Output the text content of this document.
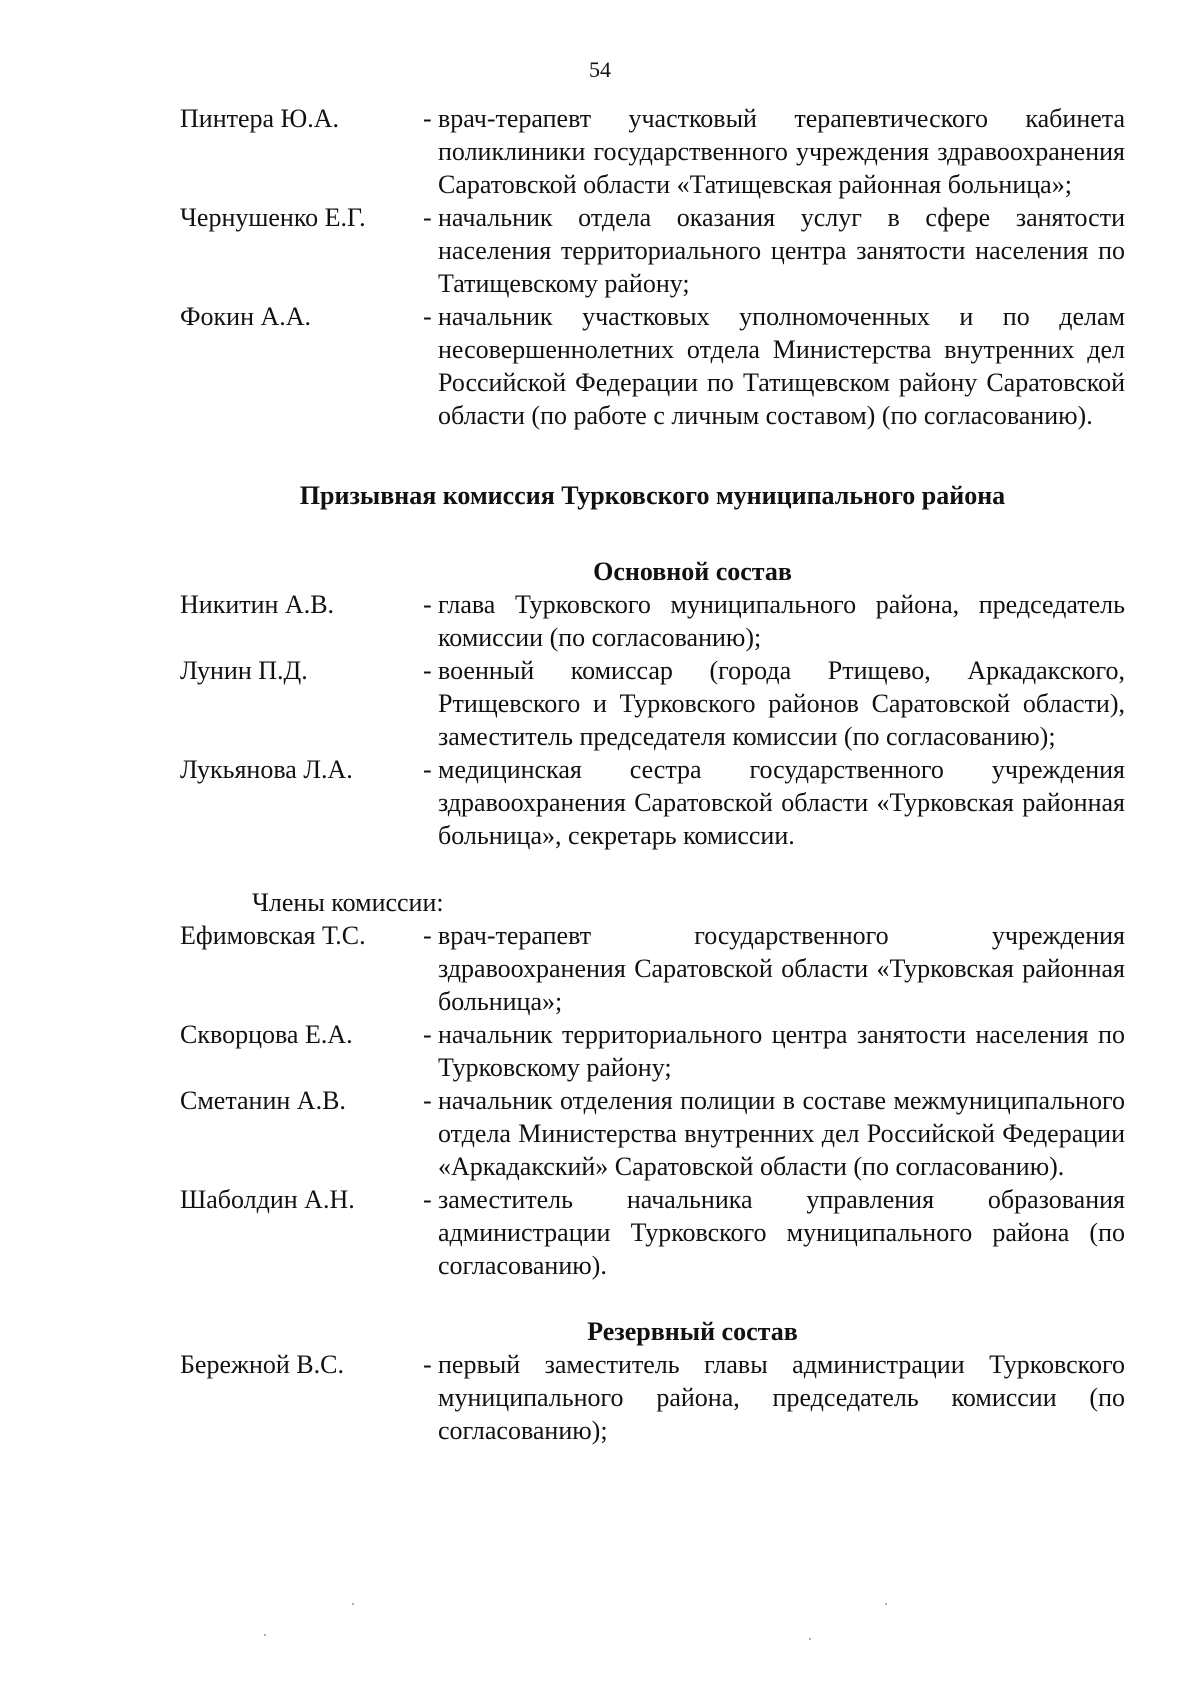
54
Пинтера Ю.А.	- врач-терапевт участковый терапевтического кабинета поликлиники государственного учреждения здравоохранения Саратовской области «Татищевская районная больница»;
Чернушенко Е.Г.	- начальник отдела оказания услуг в сфере занятости населения территориального центра занятости населения по Татищевскому району;
Фокин А.А.	- начальник участковых уполномоченных и по делам несовершеннолетних отдела Министерства внутренних дел Российской Федерации по Татищевском району Саратовской области (по работе с личным составом) (по согласованию).
Призывная комиссия Турковского муниципального района
Основной состав
Никитин А.В.	- глава Турковского муниципального района, председатель комиссии (по согласованию);
Лунин П.Д.	- военный комиссар (города Ртищево, Аркадакского, Ртищевского и Турковского районов Саратовской области), заместитель председателя комиссии (по согласованию);
Лукьянова Л.А.	- медицинская сестра государственного учреждения здравоохранения Саратовской области «Турковская районная больница», секретарь комиссии.
Члены комиссии:
Ефимовская Т.С.	- врач-терапевт государственного учреждения здравоохранения Саратовской области «Турковская районная больница»;
Скворцова Е.А.	- начальник территориального центра занятости населения по Турковскому району;
Сметанин А.В.	- начальник отделения полиции в составе межмуниципального отдела Министерства внутренних дел Российской Федерации «Аркадакский» Саратовской области (по согласованию).
Шаболдин А.Н.	- заместитель начальника управления образования администрации Турковского муниципального района (по согласованию).
Резервный состав
Бережной В.С.	- первый заместитель главы администрации Турковского муниципального района, председатель комиссии (по согласованию);
